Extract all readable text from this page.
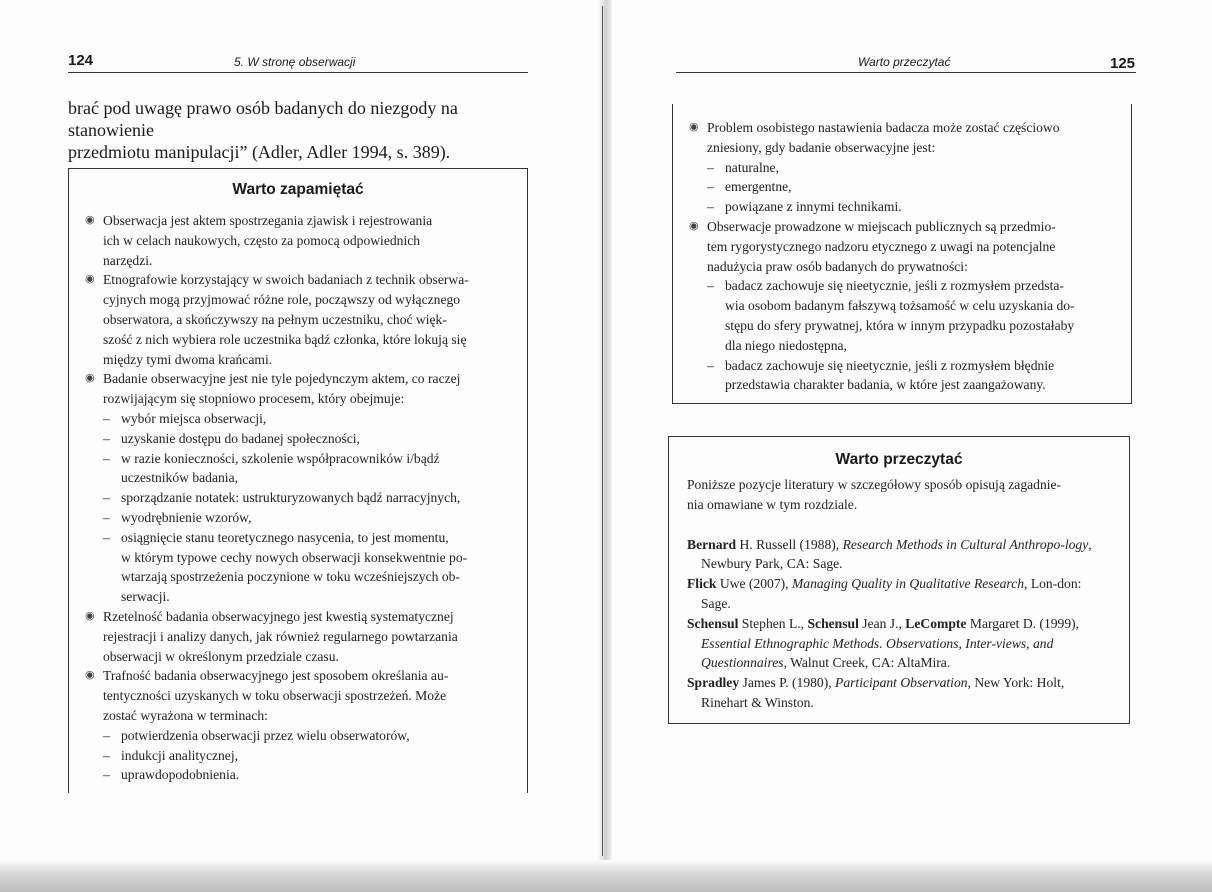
124	5. W stronę obserwacji
brać pod uwagę prawo osób badanych do niezgody na stanowienie
przedmiotu manipulacji” (Adler, Adler 1994, s. 389).
Warto zapamiętać
◉ Obserwacja jest aktem spostrzegania zjawisk i rejestrowania
ich w celach naukowych, często za pomocą odpowiednich
narzędzi.
◉ Etnografowie korzystający w swoich badaniach z technik obserwa-
cyjnych mogą przyjmować różne role, począwszy od wyłącznego
obserwatora, a skończywszy na pełnym uczestniku, choć więk-
szość z nich wybiera role uczestnika bądź członka, które lokują się
między tymi dwoma krańcami.
◉ Badanie obserwacyjne jest nie tyle pojedynczym aktem, co raczej
rozwijającym się stopniowo procesem, który obejmuje:
– wybór miejsca obserwacji,
– uzyskanie dostępu do badanej społeczności,
– w razie konieczności, szkolenie współpracowników i/bądź
uczestników badania,
– sporządzanie notatek: ustrukturyzowanych bądź narracyjnych,
– wyodrębnienie wzorów,
– osiągnięcie stanu teoretycznego nasycenia, to jest momentu,
w którym typowe cechy nowych obserwacji konsekwentnie po-
wtarzają spostrzeżenia poczynione w toku wcześniejszych ob-
serwacji.
◉ Rzetelność badania obserwacyjnego jest kwestią systematycznej
rejestracji i analizy danych, jak również regularnego powtarzania
obserwacji w określonym przedziale czasu.
◉ Trafność badania obserwacyjnego jest sposobem określania au-
tentyczności uzyskanych w toku obserwacji spostrzeżeń. Może
zostać wyrażona w terminach:
– potwierdzenia obserwacji przez wielu obserwatorów,
– indukcji analitycznej,
– uprawdopodobnienia.
Warto przeczytać	125
◉ Problem osobistego nastawienia badacza może zostać częściowo
zniesiony, gdy badanie obserwacyjne jest:
– naturalne,
– emergentne,
– powiązane z innymi technikami.
◉ Obserwacje prowadzone w miejscach publicznych są przedmio-
tem rygorystycznego nadzoru etycznego z uwagi na potencjalne
nadużycia praw osób badanych do prywatności:
– badacz zachowuje się nieetycznie, jeśli z rozmysłem przedsta-
wia osobom badanym fałszywą tożsamość w celu uzyskania do-
stępu do sfery prywatnej, która w innym przypadku pozostałaby
dla niego niedostępna,
– badacz zachowuje się nieetycznie, jeśli z rozmysłem błędnie
przedstawia charakter badania, w które jest zaangażowany.
Warto przeczytać

Poniższe pozycje literatury w szczegółowy sposób opisują zagadnie-

nia omawiane w tym rozdziale.

Bernard H. Russell (1988), Research Methods in Cultural Anthropo-logy, Newbury Park, CA: Sage.

Flick Uwe (2007), Managing Quality in Qualitative Research, Lon-don: Sage.

Schensul Stephen L., Schensul Jean J., LeCompte Margaret D. (1999), Essential Ethnographic Methods. Observations, Inter-views, and Questionnaires, Walnut Creek, CA: AltaMira.

Spradley James P. (1980), Participant Observation, New York: Holt, Rinehart & Winston.
